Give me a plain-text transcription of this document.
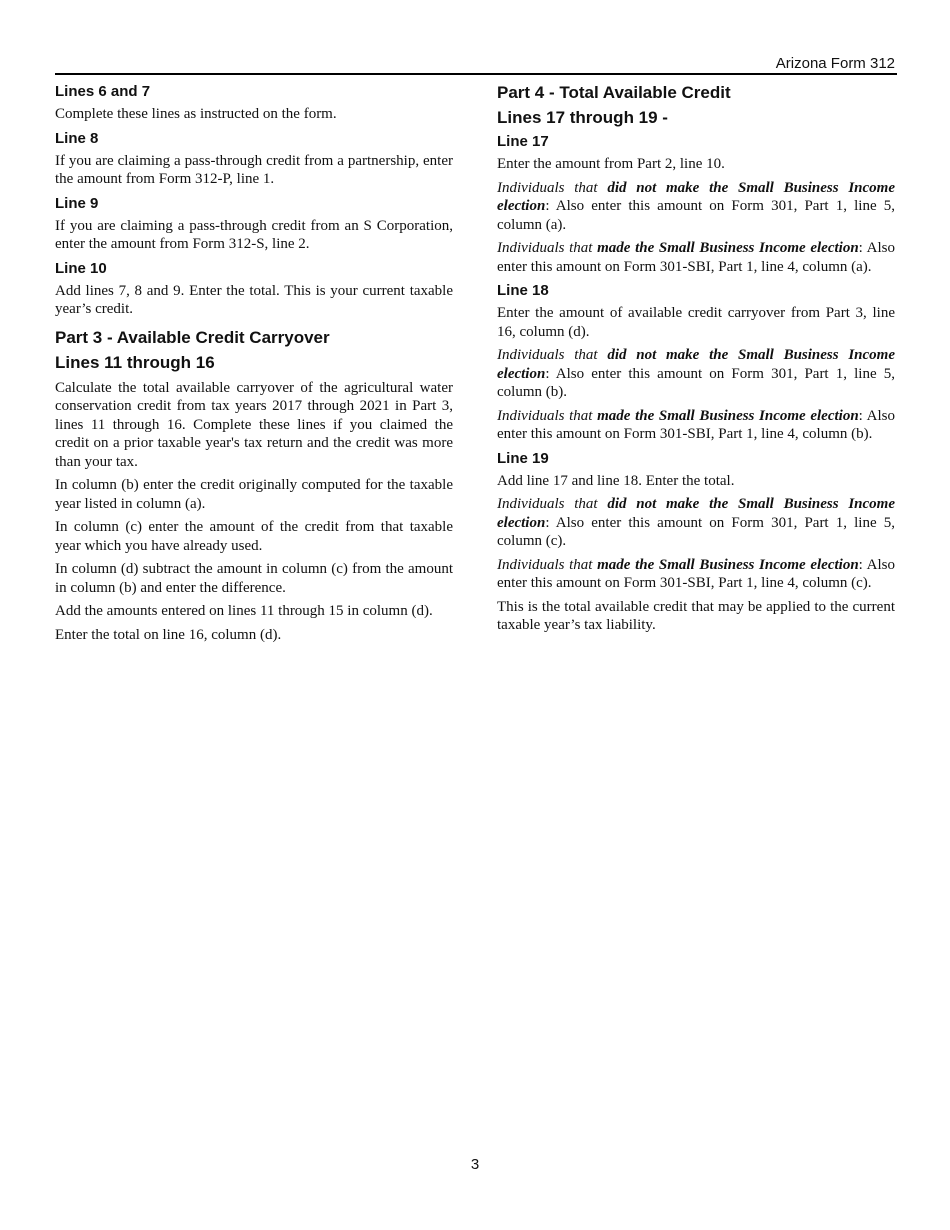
Arizona Form 312
Lines 6 and 7

Complete these lines as instructed on the form.

Line 8

If you are claiming a pass-through credit from a partnership, enter the amount from Form 312-P, line 1.

Line 9

If you are claiming a pass-through credit from an S Corporation, enter the amount from Form 312-S, line 2.

Line 10

Add lines 7, 8 and 9. Enter the total. This is your current taxable year’s credit.

Part 3 - Available Credit Carryover
Lines 11 through 16

Calculate the total available carryover of the agricultural water conservation credit from tax years 2017 through 2021 in Part 3, lines 11 through 16. Complete these lines if you claimed the credit on a prior taxable year's tax return and the credit was more than your tax.

In column (b) enter the credit originally computed for the taxable year listed in column (a).

In column (c) enter the amount of the credit from that taxable year which you have already used.

In column (d) subtract the amount in column (c) from the amount in column (b) and enter the difference.

Add the amounts entered on lines 11 through 15 in column (d).

Enter the total on line 16, column (d).

Part 4 - Total Available Credit
Lines 17 through 19 -
Line 17

Enter the amount from Part 2, line 10.

Individuals that did not make the Small Business Income election: Also enter this amount on Form 301, Part 1, line 5, column (a).

Individuals that made the Small Business Income election: Also enter this amount on Form 301-SBI, Part 1, line 4, column (a).

Line 18

Enter the amount of available credit carryover from Part 3, line 16, column (d).

Individuals that did not make the Small Business Income election: Also enter this amount on Form 301, Part 1, line 5, column (b).

Individuals that made the Small Business Income election: Also enter this amount on Form 301-SBI, Part 1, line 4, column (b).

Line 19

Add line 17 and line 18. Enter the total.

Individuals that did not make the Small Business Income election: Also enter this amount on Form 301, Part 1, line 5, column (c).

Individuals that made the Small Business Income election: Also enter this amount on Form 301-SBI, Part 1, line 4, column (c).

This is the total available credit that may be applied to the current taxable year’s tax liability.

3
